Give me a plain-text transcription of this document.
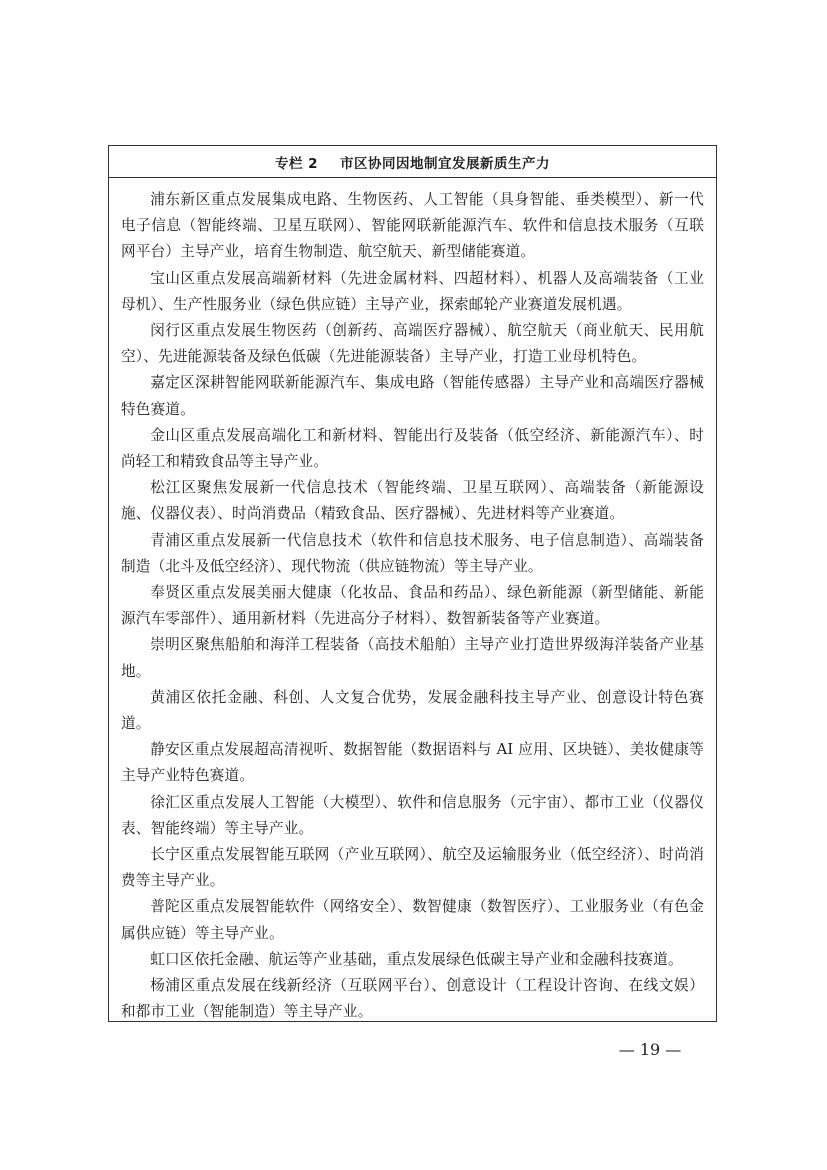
专栏 2 市区协同因地制宜发展新质生产力

浦东新区重点发展集成电路、生物医药、人工智能（具身智能、垂类模型）、新一代电子信息（智能终端、卫星互联网）、智能网联新能源汽车、软件和信息技术服务（互联网平台）主导产业，培育生物制造、航空航天、新型储能赛道。

宝山区重点发展高端新材料（先进金属材料、四超材料）、机器人及高端装备（工业母机）、生产性服务业（绿色供应链）主导产业，探索邮轮产业赛道发展机遇。

闵行区重点发展生物医药（创新药、高端医疗器械）、航空航天（商业航天、民用航空）、先进能源装备及绿色低碳（先进能源装备）主导产业，打造工业母机特色。

嘉定区深耕智能网联新能源汽车、集成电路（智能传感器）主导产业和高端医疗器械特色赛道。

金山区重点发展高端化工和新材料、智能出行及装备（低空经济、新能源汽车）、时尚轻工和精致食品等主导产业。

松江区聚焦发展新一代信息技术（智能终端、卫星互联网）、高端装备（新能源设施、仪器仪表）、时尚消费品（精致食品、医疗器械）、先进材料等产业赛道。

青浦区重点发展新一代信息技术（软件和信息技术服务、电子信息制造）、高端装备制造（北斗及低空经济）、现代物流（供应链物流）等主导产业。

奉贤区重点发展美丽大健康（化妆品、食品和药品）、绿色新能源（新型储能、新能源汽车零部件）、通用新材料（先进高分子材料）、数智新装备等产业赛道。

崇明区聚焦船舶和海洋工程装备（高技术船舶）主导产业打造世界级海洋装备产业基地。

黄浦区依托金融、科创、人文复合优势，发展金融科技主导产业、创意设计特色赛道。

静安区重点发展超高清视听、数据智能（数据语料与 AI 应用、区块链）、美妆健康等主导产业特色赛道。

徐汇区重点发展人工智能（大模型）、软件和信息服务（元宇宙）、都市工业（仪器仪表、智能终端）等主导产业。

长宁区重点发展智能互联网（产业互联网）、航空及运输服务业（低空经济）、时尚消费等主导产业。

普陀区重点发展智能软件（网络安全）、数智健康（数智医疗）、工业服务业（有色金属供应链）等主导产业。

虹口区依托金融、航运等产业基础，重点发展绿色低碳主导产业和金融科技赛道。

杨浦区重点发展在线新经济（互联网平台）、创意设计（工程设计咨询、在线文娱）和都市工业（智能制造）等主导产业。

— 19 —
